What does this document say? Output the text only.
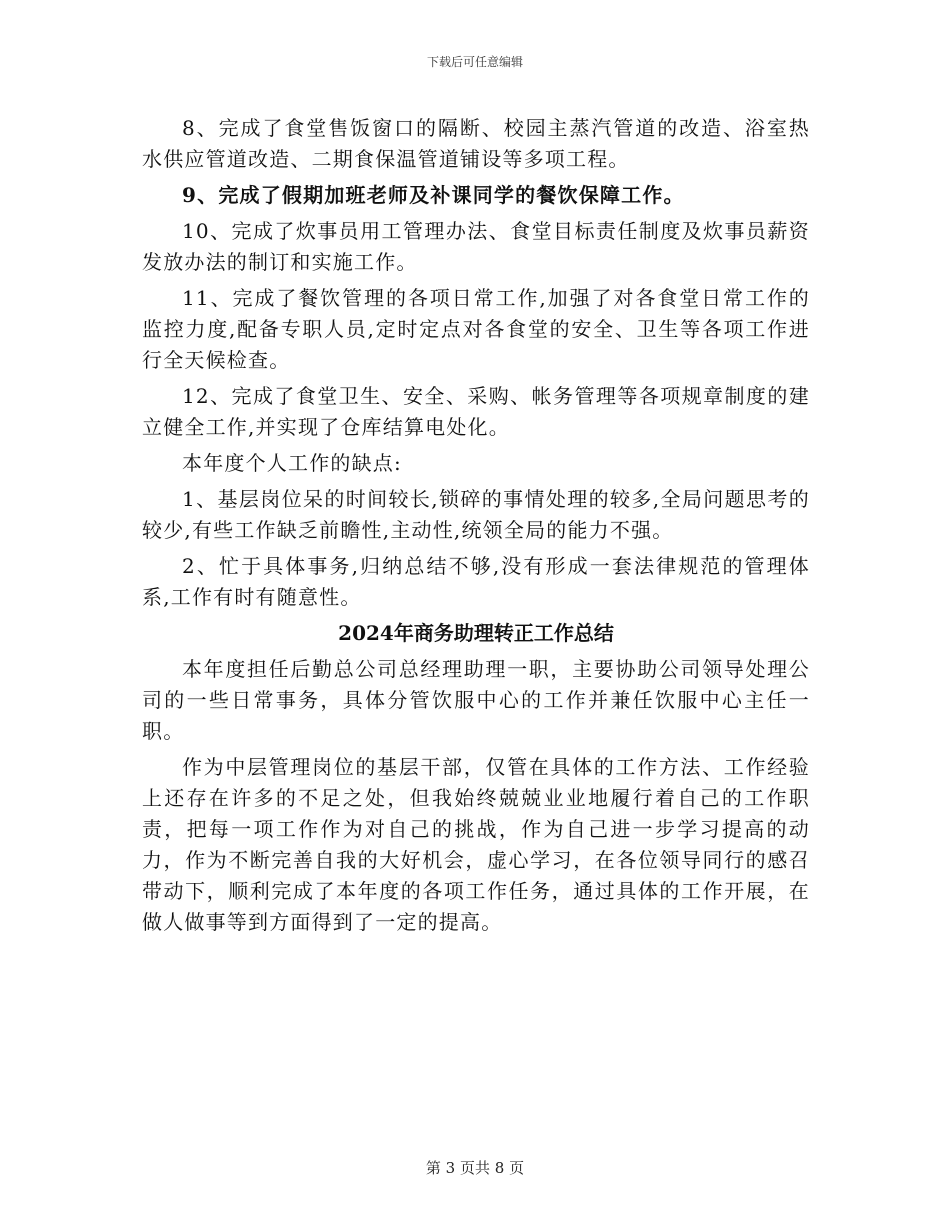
下载后可任意编辑

8、完成了食堂售饭窗口的隔断、校园主蒸汽管道的改造、浴室热水供应管道改造、二期食保温管道铺设等多项工程。

9、完成了假期加班老师及补课同学的餐饮保障工作。

10、完成了炊事员用工管理办法、食堂目标责任制度及炊事员薪资发放办法的制订和实施工作。

11、完成了餐饮管理的各项日常工作,加强了对各食堂日常工作的监控力度,配备专职人员,定时定点对各食堂的安全、卫生等各项工作进行全天候检查。

12、完成了食堂卫生、安全、采购、帐务管理等各项规章制度的建立健全工作,并实现了仓库结算电处化。

本年度个人工作的缺点:

1、基层岗位呆的时间较长,锁碎的事情处理的较多,全局问题思考的较少,有些工作缺乏前瞻性,主动性,统领全局的能力不强。

2、忙于具体事务,归纳总结不够,没有形成一套法律规范的管理体系,工作有时有随意性。

2024年商务助理转正工作总结

本年度担任后勤总公司总经理助理一职，主要协助公司领导处理公司的一些日常事务，具体分管饮服中心的工作并兼任饮服中心主任一职。

作为中层管理岗位的基层干部，仅管在具体的工作方法、工作经验上还存在许多的不足之处，但我始终兢兢业业地履行着自己的工作职责，把每一项工作作为对自己的挑战，作为自己进一步学习提高的动力，作为不断完善自我的大好机会，虚心学习，在各位领导同行的感召带动下，顺利完成了本年度的各项工作任务，通过具体的工作开展，在做人做事等到方面得到了一定的提高。

第 3 页共 8 页
